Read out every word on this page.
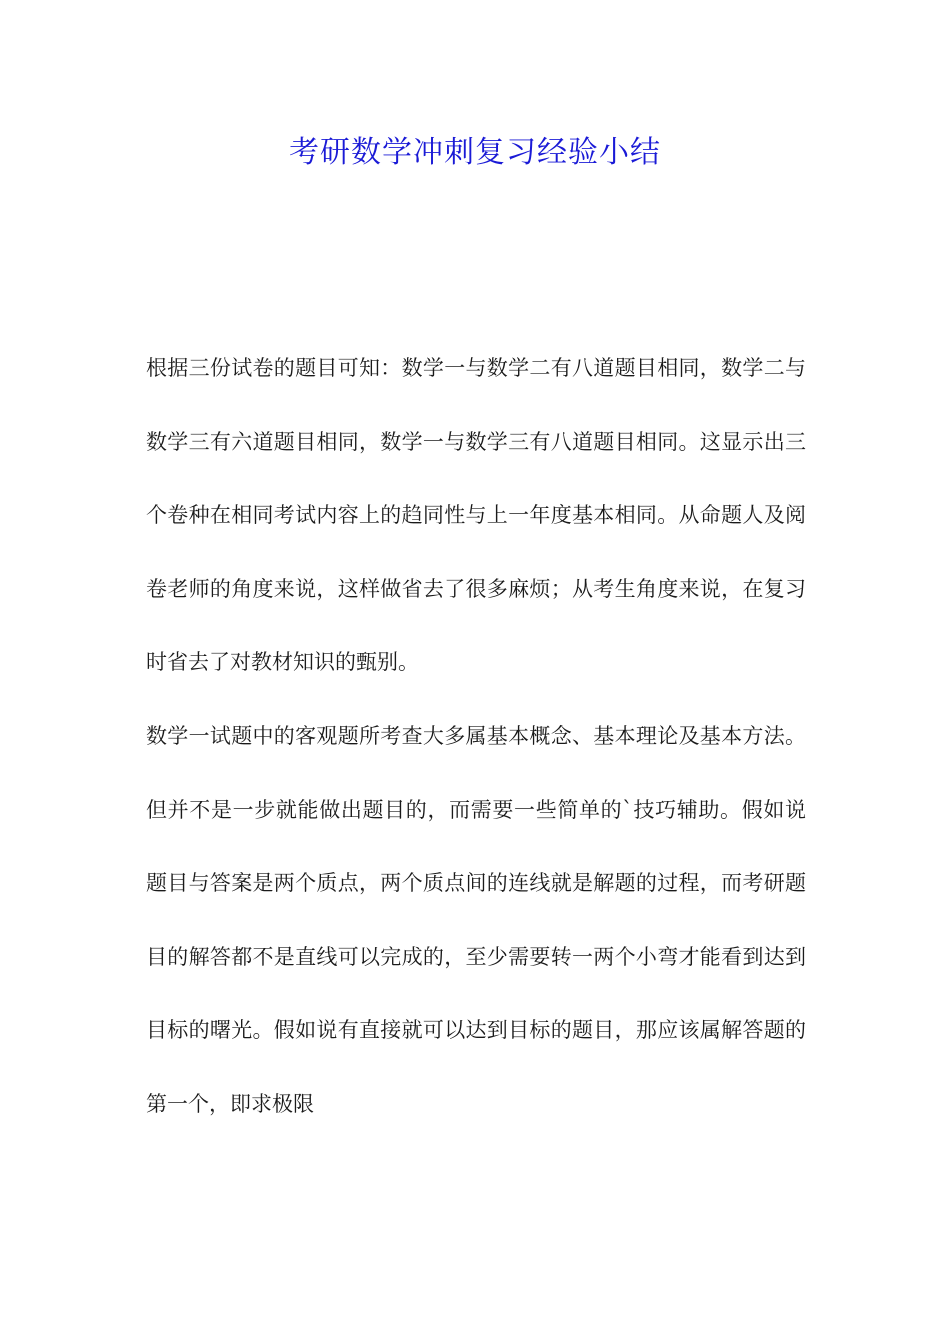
考研数学冲刺复习经验小结

根据三份试卷的题目可知：数学一与数学二有八道题目相同，数学二与数学三有六道题目相同，数学一与数学三有八道题目相同。这显示出三个卷种在相同考试内容上的趋同性与上一年度基本相同。从命题人及阅卷老师的角度来说，这样做省去了很多麻烦；从考生角度来说，在复习时省去了对教材知识的甄别。

数学一试题中的客观题所考查大多属基本概念、基本理论及基本方法。但并不是一步就能做出题目的，而需要一些简单的`技巧辅助。假如说题目与答案是两个质点，两个质点间的连线就是解题的过程，而考研题目的解答都不是直线可以完成的，至少需要转一两个小弯才能看到达到目标的曙光。假如说有直接就可以达到目标的题目，那应该属解答题的第一个，即求极限
